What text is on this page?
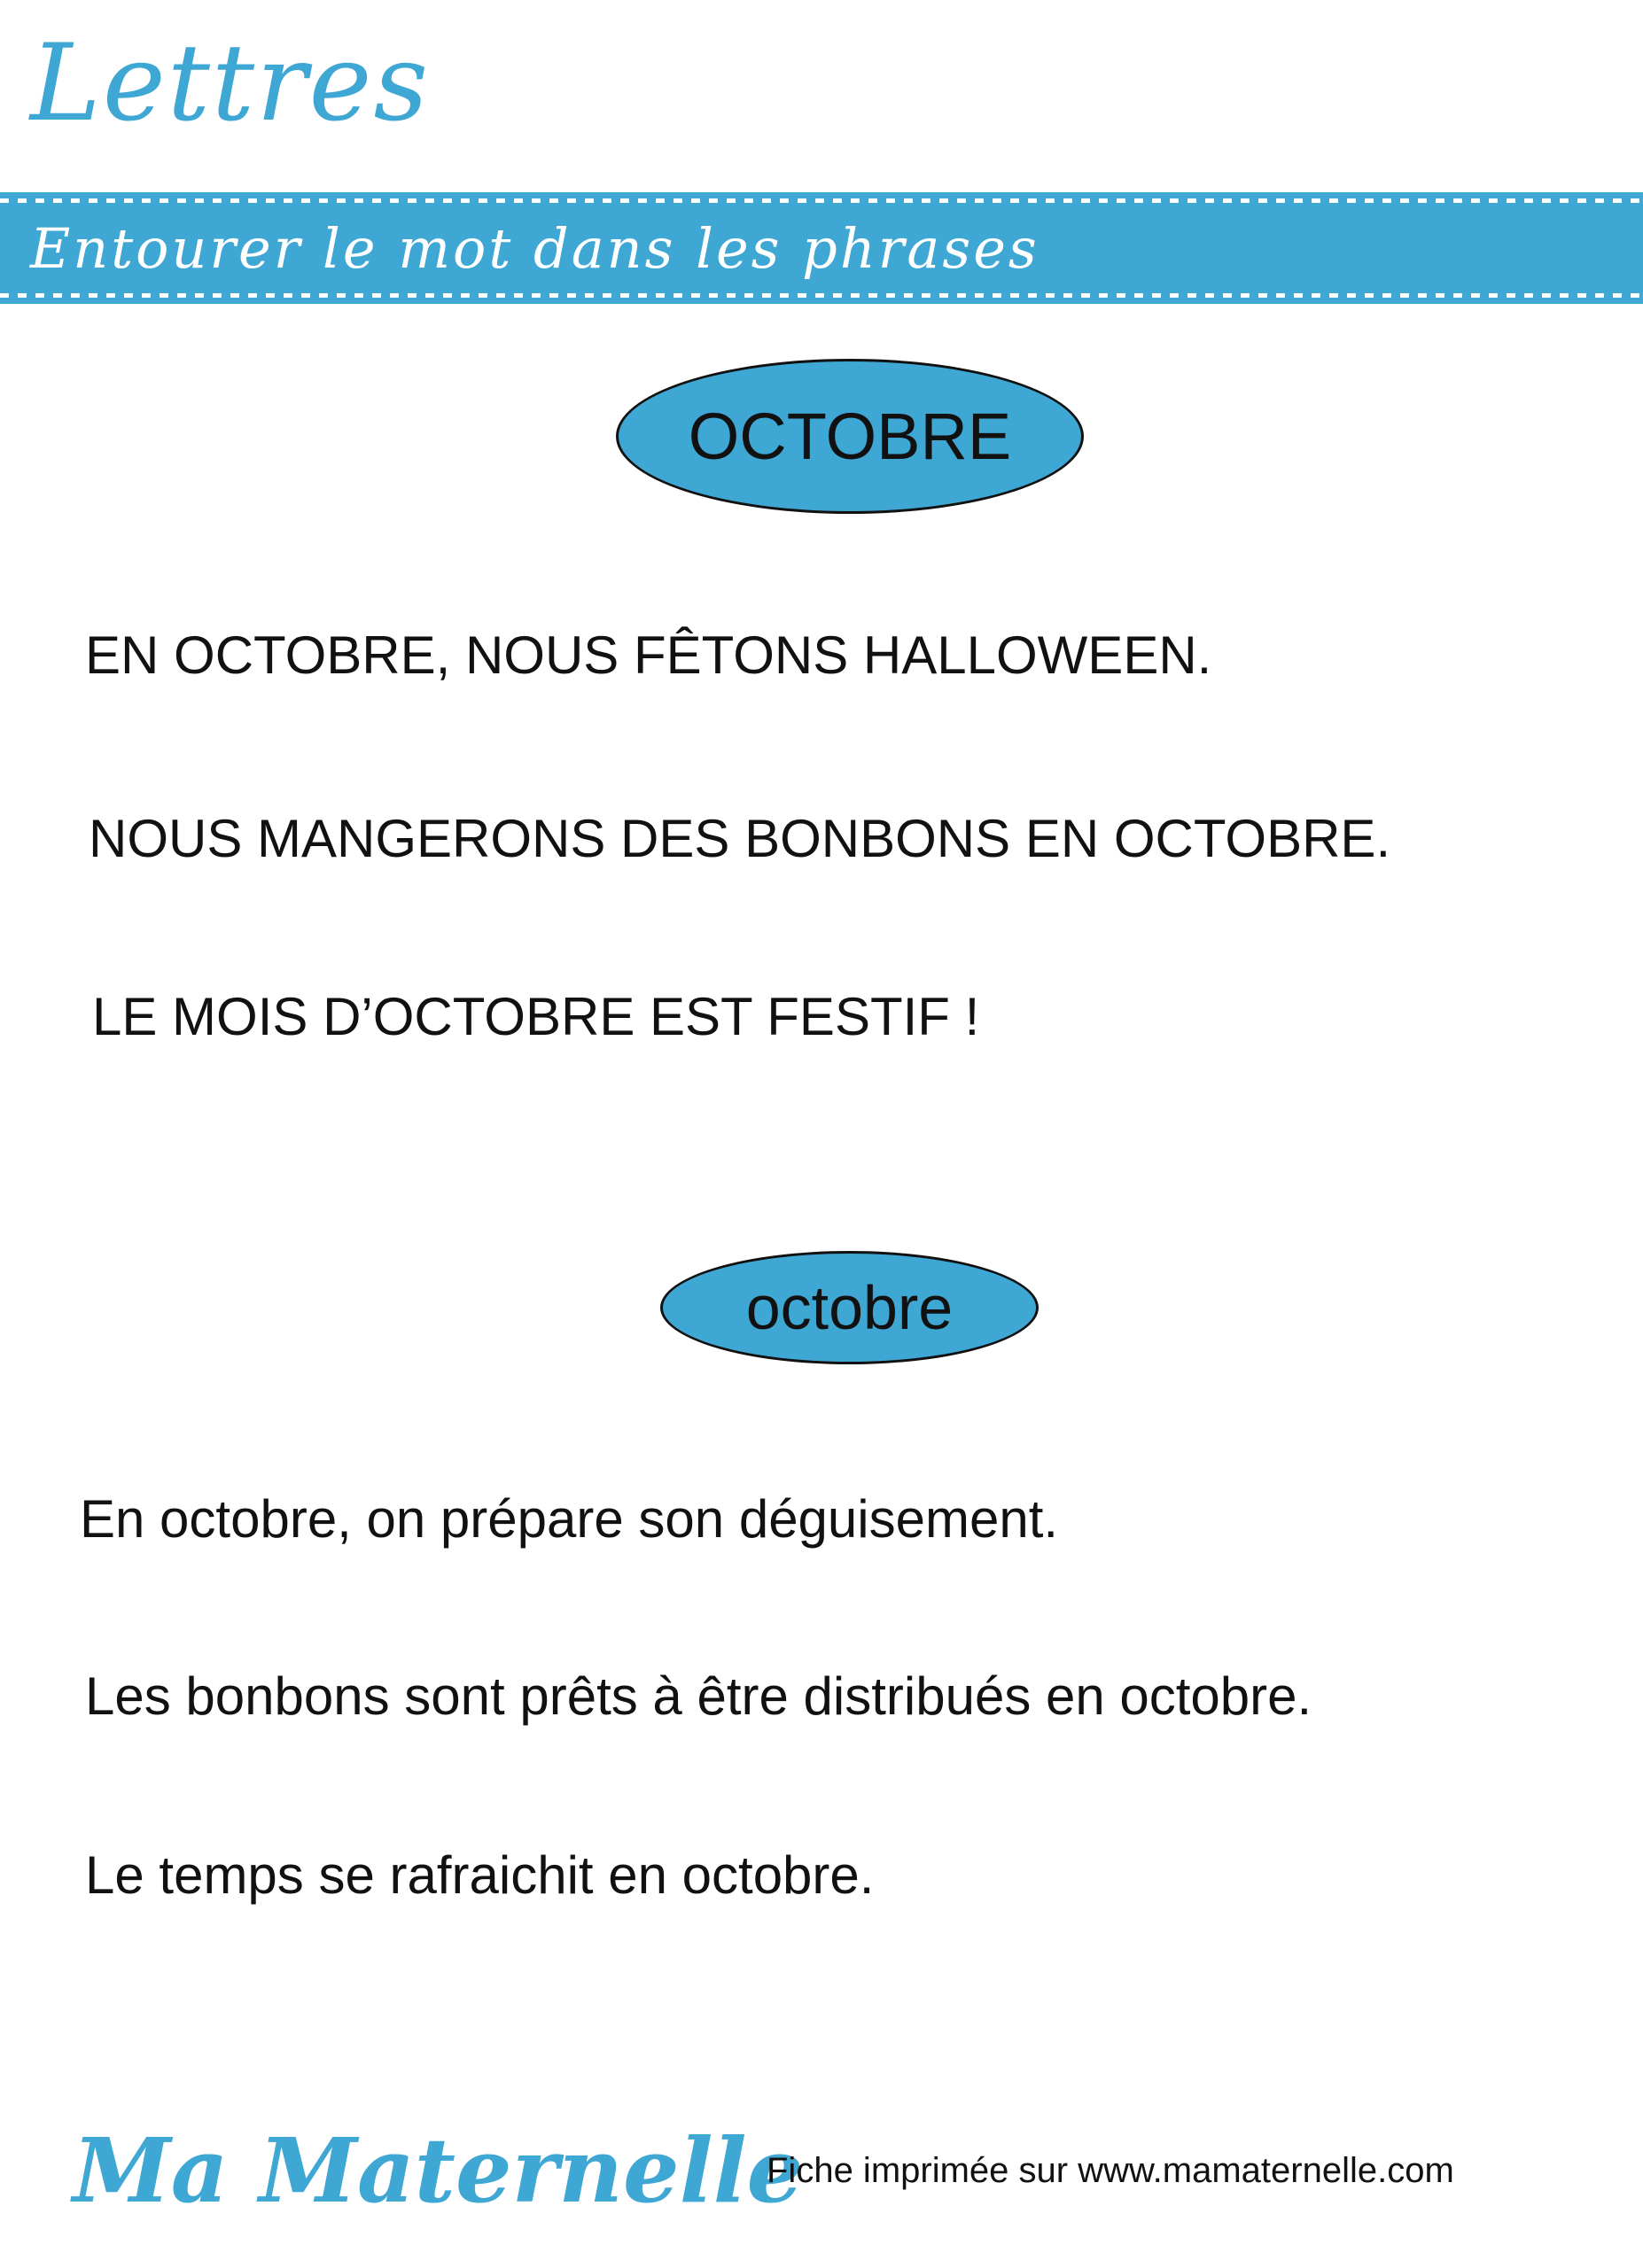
Lettres
Entourer le mot dans les phrases
OCTOBRE
EN OCTOBRE, NOUS FÊTONS HALLOWEEN.
NOUS MANGERONS DES BONBONS EN OCTOBRE.
LE MOIS D’OCTOBRE EST FESTIF !
octobre
En octobre, on prépare son déguisement.
Les bonbons sont prêts à être distribués en octobre.
Le temps se rafraichit en octobre.
Ma Maternelle
Fiche imprimée sur www.mamaternelle.com
